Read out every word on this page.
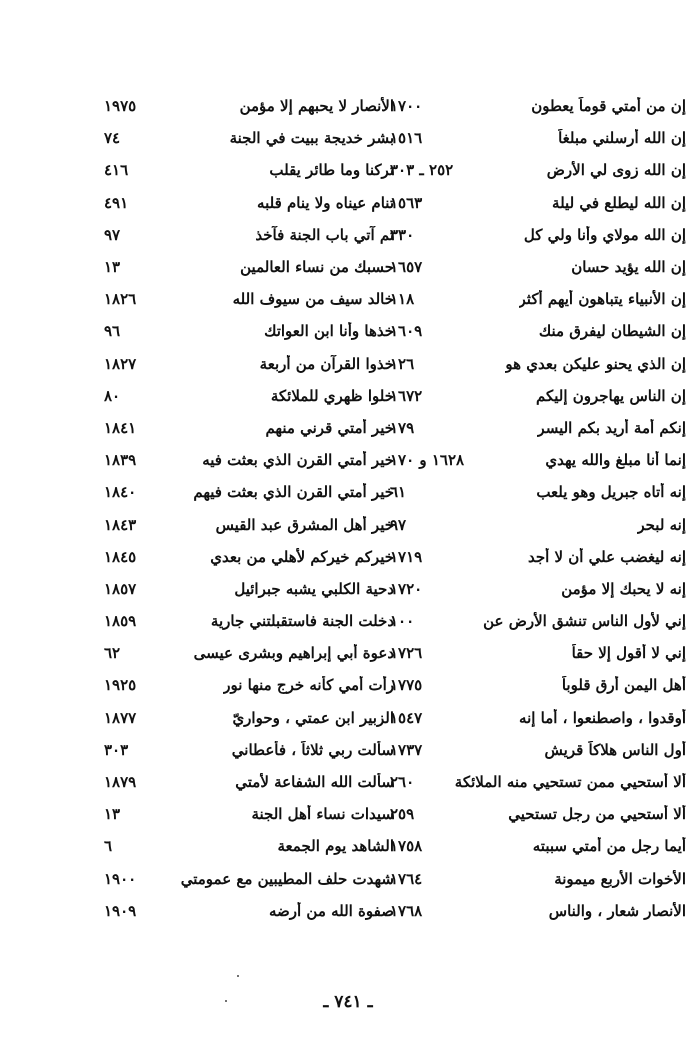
إن من أمتي قوماً يعطون
١٧٠٠
إن الله أرسلني مبلغاً
١٥١٦
إن الله زوى لي الأرض
٢٥٢ ـ ٣٠٣
إن الله ليطلع في ليلة
١٥٦٣
إن الله مولاي وأنا ولي كل
٣٣٠
إن الله يؤيد حسان
١٦٥٧
إن الأنبياء يتباهون أيهم أكثر
١١٨
إن الشيطان ليفرق منك
١٦٠٩
إن الذي يحنو عليكن بعدي هو
١٢٦
إن الناس يهاجرون إليكم
١٦٧٢
إنكم أمة أريد بكم اليسر
١٧٩
إنما أنا مبلغ والله يهدي
١٦٢٨ و ١٧٠
إنه أتاه جبريل وهو يلعب
٦١
إنه لبحر
٩٧
إنه ليغضب علي أن لا أجد
١٧١٩
إنه لا يحبك إلا مؤمن
١٧٢٠
إني لأول الناس تنشق الأرض عن
١٠٠
إني لا أقول إلا حقاً
١٧٢٦
أهل اليمن أرق قلوباً
١٧٧٥
أوقدوا ، واصطنعوا ، أما إنه
١٥٤٧
أول الناس هلاكاً قريش
١٧٣٧
ألا أستحيي ممن تستحيي منه الملائكة
٢٦٠
ألا أستحيي من رجل تستحيي
٢٥٩
أيما رجل من أمتي سببته
١٧٥٨
الأخوات الأربع ميمونة
١٧٦٤
الأنصار شعار ، والناس
١٧٦٨
الأنصار لا يحبهم إلا مؤمن
١٩٧٥
بشر خديجة ببيت في الجنة
٧٤
تركنا وما طائر يقلب
٤١٦
تنام عيناه ولا ينام قلبه
٤٩١
ثم آتي باب الجنة فآخذ
٩٧
حسبك من نساء العالمين
١٣
خالد سيف من سيوف الله
١٨٢٦
خذها وأنا ابن العواتك
٩٦
خذوا القرآن من أربعة
١٨٢٧
خلوا ظهري للملائكة
٨٠
خير أمتي قرني منهم
١٨٤١
خير أمتي القرن الذي بعثت فيه
١٨٣٩
خير أمتي القرن الذي بعثت فيهم
١٨٤٠
خير أهل المشرق عبد القيس
١٨٤٣
خيركم خيركم لأهلي من بعدي
١٨٤٥
دحية الكلبي يشبه جبرائيل
١٨٥٧
دخلت الجنة فاستقبلتني جارية
١٨٥٩
دعوة أبي إبراهيم وبشرى عيسى
٦٢
رأت أمي كأنه خرج منها نور
١٩٢٥
الزبير ابن عمتي ، وحواريّ
١٨٧٧
سألت ربي ثلاثاً ، فأعطاني
٣٠٣
سألت الله الشفاعة لأمتي
١٨٧٩
سيدات نساء أهل الجنة
١٣
الشاهد يوم الجمعة
٦
شهدت حلف المطيبين مع عمومتي
١٩٠٠
صفوة الله من أرضه
١٩٠٩
ـ ٧٤١ ـ
